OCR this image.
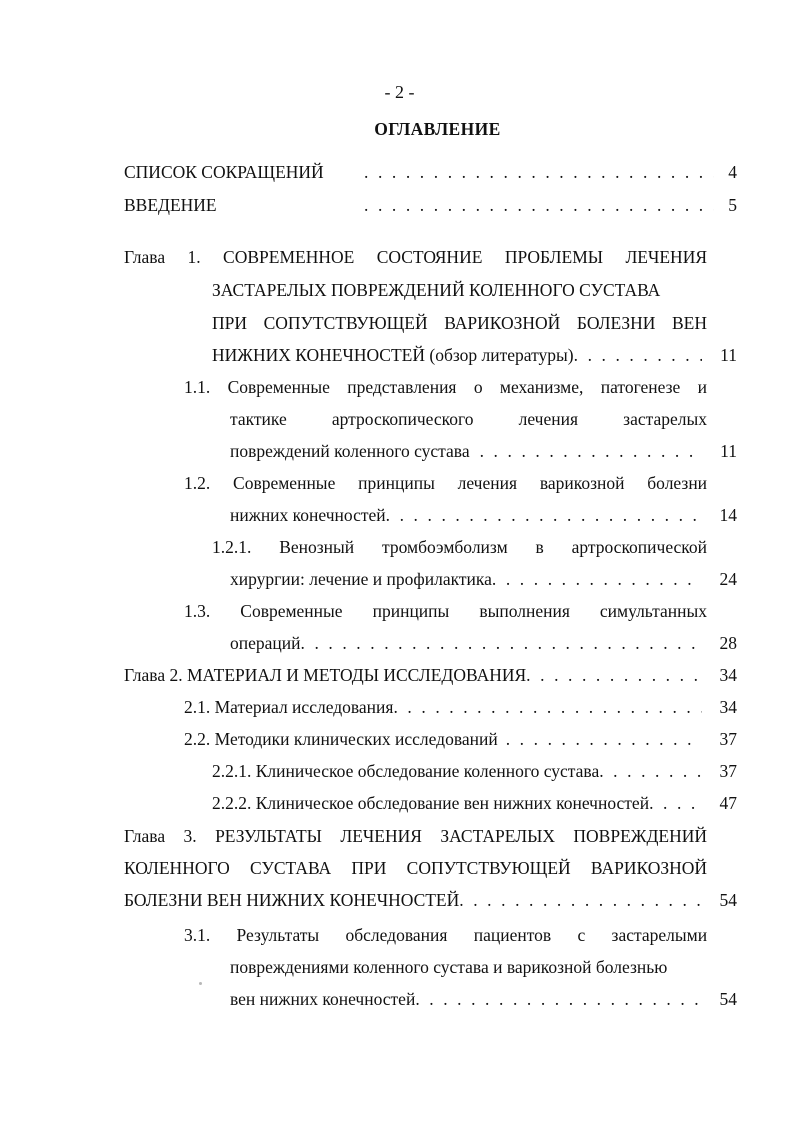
- 2 -
ОГЛАВЛЕНИЕ
СПИСОК СОКРАЩЕНИЙ . . .	4
ВВЕДЕНИЕ . . .	5
Глава 1. СОВРЕМЕННОЕ СОСТОЯНИЕ ПРОБЛЕМЫ ЛЕЧЕНИЯ
ЗАСТАРЕЛЫХ ПОВРЕЖДЕНИЙ КОЛЕННОГО СУСТАВА
ПРИ СОПУТСТВУЮЩЕЙ ВАРИКОЗНОЙ БОЛЕЗНИ ВЕН
НИЖНИХ КОНЕЧНОСТЕЙ (обзор литературы) . . .	11
1.1. Современные представления о механизме, патогенезе и
тактике	артроскопического	лечения	застарелых
повреждений коленного сустава . . .	11
1.2. Современные принципы лечения варикозной болезни
нижних конечностей . . .	14
1.2.1. Венозный тромбоэмболизм в артроскопической
хирургии: лечение и профилактика . . .	24
1.3. Современные принципы выполнения симультанных
операций . . .	28
Глава 2. МАТЕРИАЛ И МЕТОДЫ ИССЛЕДОВАНИЯ . . .	34
2.1. Материал исследования . . .	34
2.2. Методики клинических исследований . . .	37
2.2.1. Клиническое обследование коленного сустава . . .	37
2.2.2. Клиническое обследование вен нижних конечностей . . .	47
Глава 3. РЕЗУЛЬТАТЫ ЛЕЧЕНИЯ ЗАСТАРЕЛЫХ ПОВРЕЖДЕНИЙ
КОЛЕННОГО СУСТАВА ПРИ СОПУТСТВУЮЩЕЙ ВАРИКОЗНОЙ
БОЛЕЗНИ ВЕН НИЖНИХ КОНЕЧНОСТЕЙ . . .	54
3.1. Результаты обследования пациентов с застарелыми
повреждениями коленного сустава и варикозной болезнью
вен нижних конечностей . . .	54
